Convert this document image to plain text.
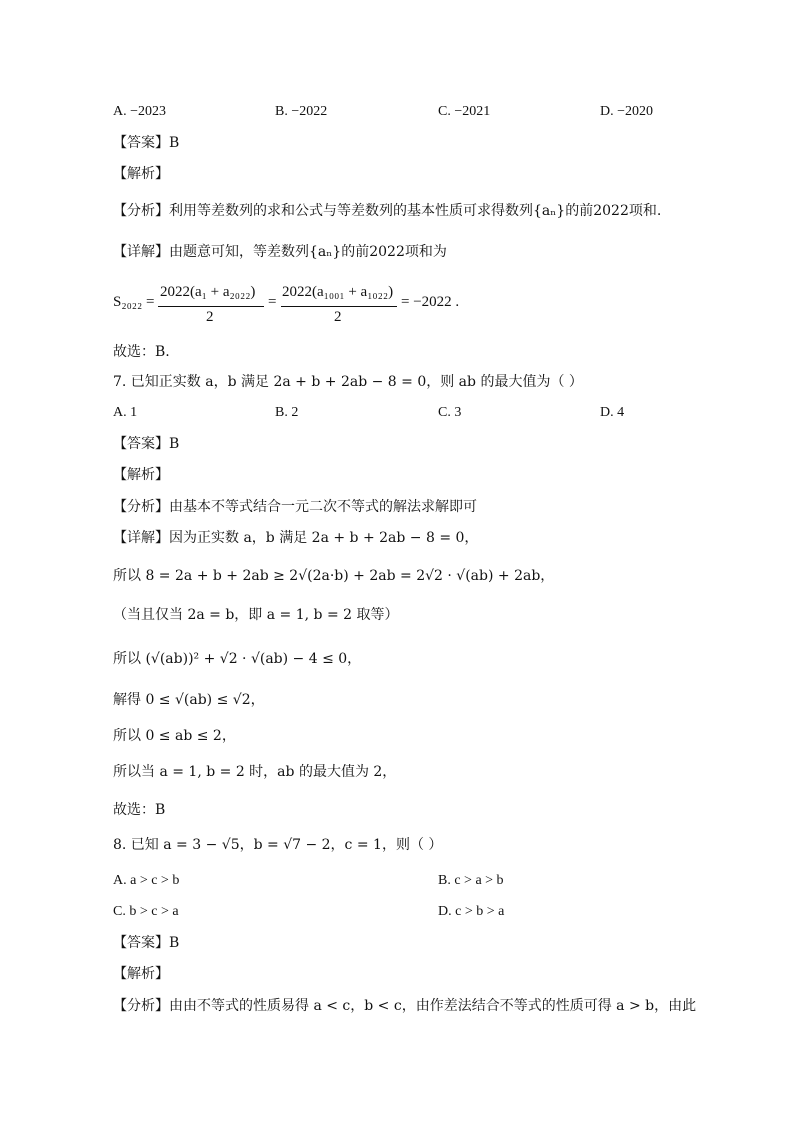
A. −2023	B. −2022	C. −2021	D. −2020
【答案】B
【解析】
【分析】利用等差数列的求和公式与等差数列的基本性质可求得数列{aₙ}的前2022项和.
【详解】由题意可知，等差数列{aₙ}的前2022项和为
S₂₀₂₂ =
2022(a₁ + a₂₀₂₂)
2
=
2022(a₁₀₀₁ + a₁₀₂₂)
2
= −2022 .
故选：B.
7. 已知正实数 a，b 满足 2a + b + 2ab − 8 = 0，则 ab 的最大值为（ ）
A. 1	B. 2	C. 3	D. 4
【答案】B
【解析】
【分析】由基本不等式结合一元二次不等式的解法求解即可
【详解】因为正实数 a，b 满足 2a + b + 2ab − 8 = 0，
所以 8 = 2a + b + 2ab ≥ 2√(2a·b) + 2ab = 2√2 · √(ab) + 2ab，
（当且仅当 2a = b，即 a = 1, b = 2 取等）
所以 (√(ab))² + √2 · √(ab) − 4 ≤ 0，
解得 0 ≤ √(ab) ≤ √2，
所以 0 ≤ ab ≤ 2，
所以当 a = 1, b = 2 时，ab 的最大值为 2，
故选：B
8. 已知 a = 3 − √5，b = √7 − 2，c = 1，则（ ）
A. a > c > b	B. c > a > b
C. b > c > a	D. c > b > a
【答案】B
【解析】
【分析】由由不等式的性质易得 a < c，b < c，由作差法结合不等式的性质可得 a > b，由此
